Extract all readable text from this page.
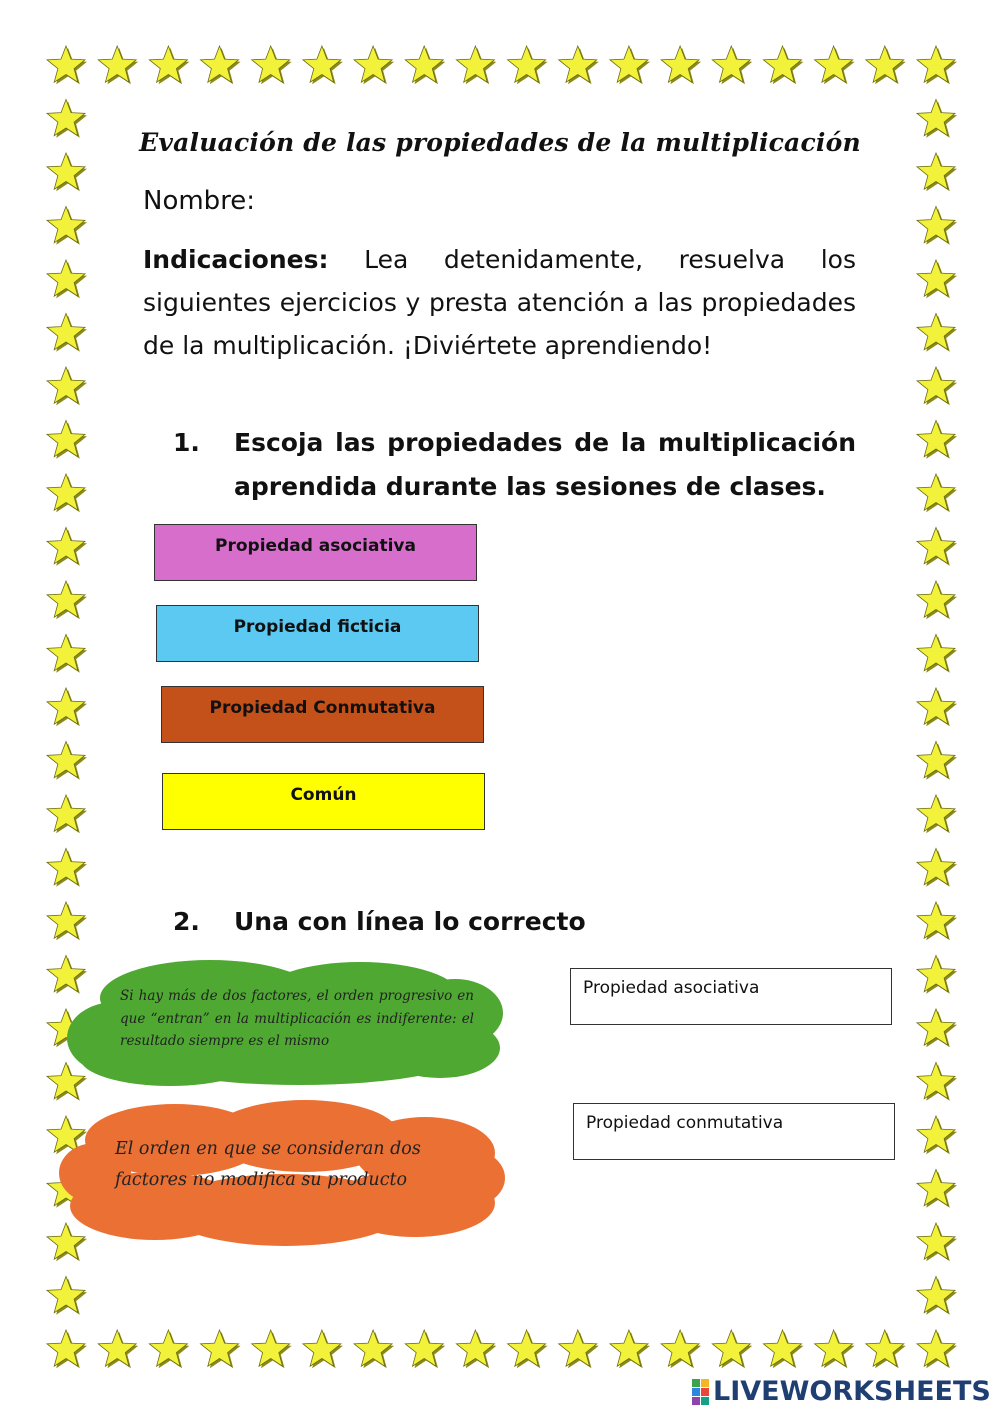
Evaluación de las propiedades de la multiplicación
Nombre:
Indicaciones: Lea detenidamente, resuelva los siguientes ejercicios y presta atención a las propiedades de la multiplicación. ¡Diviértete aprendiendo!
1. Escoja las propiedades de la multiplicación aprendida durante las sesiones de clases.
Propiedad asociativa
Propiedad ficticia
Propiedad Conmutativa
Común
2. Una con línea lo correcto
Si hay más de dos factores, el orden progresivo en que “entran” en la multiplicación es indiferente: el resultado siempre es el mismo
El orden en que se consideran dos factores no modifica su producto
Propiedad asociativa
Propiedad conmutativa
LIVEWORKSHEETS
